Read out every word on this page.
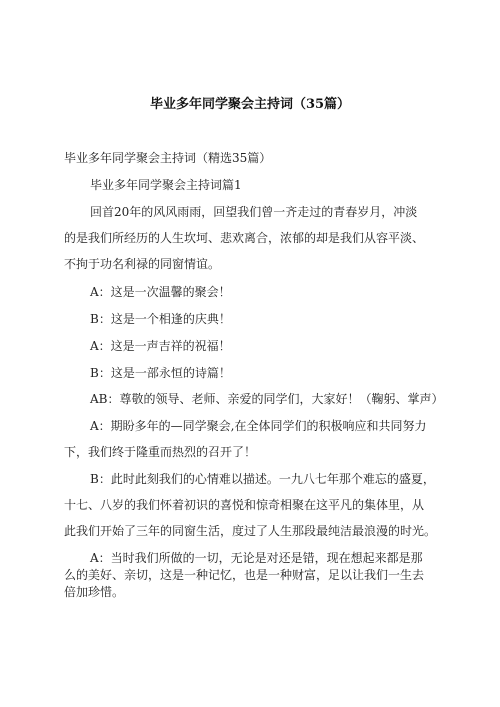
毕业多年同学聚会主持词（35篇）
毕业多年同学聚会主持词（精选35篇）
毕业多年同学聚会主持词篇1
回首20年的风风雨雨，回望我们曾一齐走过的青春岁月，冲淡
的是我们所经历的人生坎坷、悲欢离合，浓郁的却是我们从容平淡、
不拘于功名利禄的同窗情谊。
A：这是一次温馨的聚会！
B：这是一个相逢的庆典！
A：这是一声吉祥的祝福！
B：这是一部永恒的诗篇！
AB：尊敬的领导、老师、亲爱的同学们，大家好！（鞠躬、掌声）
A：期盼多年的—同学聚会,在全体同学们的积极响应和共同努力
下，我们终于隆重而热烈的召开了！
B：此时此刻我们的心情难以描述。一九八七年那个难忘的盛夏，
十七、八岁的我们怀着初识的喜悦和惊奇相聚在这平凡的集体里，从
此我们开始了三年的同窗生活，度过了人生那段最纯洁最浪漫的时光。
A：当时我们所做的一切，无论是对还是错，现在想起来都是那
么的美好、亲切，这是一种记忆，也是一种财富，足以让我们一生去
倍加珍惜。
